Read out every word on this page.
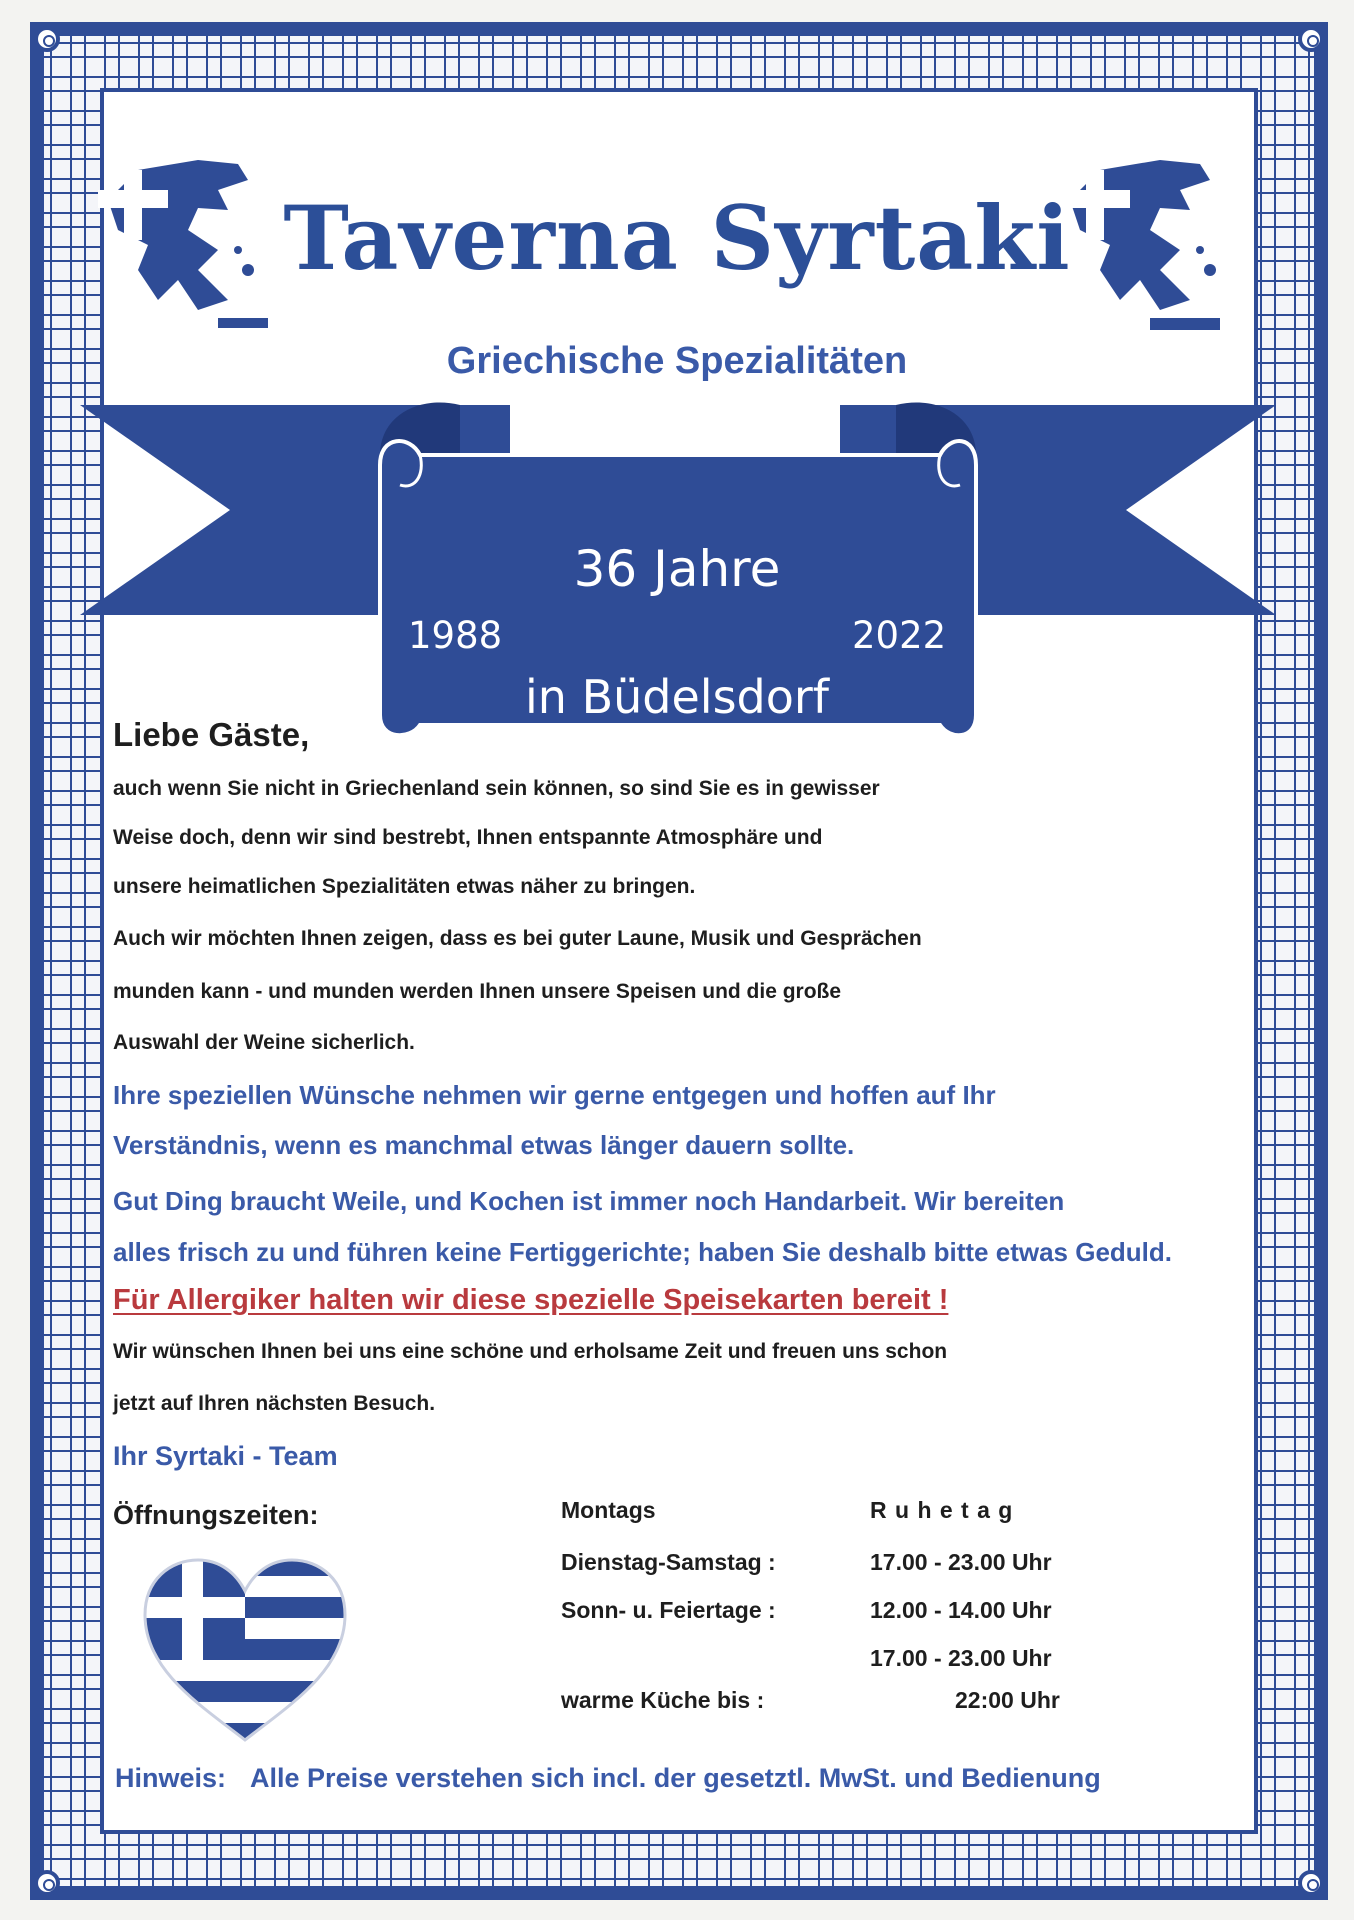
Taverna Syrtaki
Griechische Spezialitäten
36 Jahre
1988	2022
in Büdelsdorf
Liebe Gäste,
auch wenn Sie nicht in Griechenland sein können, so sind Sie es in gewisser
Weise doch, denn wir sind bestrebt, Ihnen entspannte Atmosphäre und
unsere heimatlichen Spezialitäten etwas näher zu bringen.
Auch wir möchten Ihnen zeigen, dass es bei guter Laune, Musik und Gesprächen
munden kann - und munden werden Ihnen unsere Speisen und die große
Auswahl der Weine sicherlich.
Ihre speziellen Wünsche nehmen wir gerne entgegen und hoffen auf Ihr
Verständnis, wenn es manchmal etwas länger dauern sollte.
Gut Ding braucht Weile, und Kochen ist immer noch Handarbeit. Wir bereiten
alles frisch zu und führen keine Fertiggerichte; haben Sie deshalb bitte etwas Geduld.
Für Allergiker halten wir diese spezielle Speisekarten bereit !
Wir wünschen Ihnen bei uns eine schöne und erholsame Zeit und freuen uns schon
jetzt auf Ihren nächsten Besuch.
Ihr Syrtaki - Team
Öffnungszeiten:	Montags	R u h e t a g
Dienstag-Samstag :	17.00 - 23.00 Uhr
Sonn- u. Feiertage :	12.00 - 14.00 Uhr
17.00 - 23.00 Uhr
warme Küche bis :	22:00 Uhr
Hinweis: Alle Preise verstehen sich incl. der gesetztl. MwSt. und Bedienung
